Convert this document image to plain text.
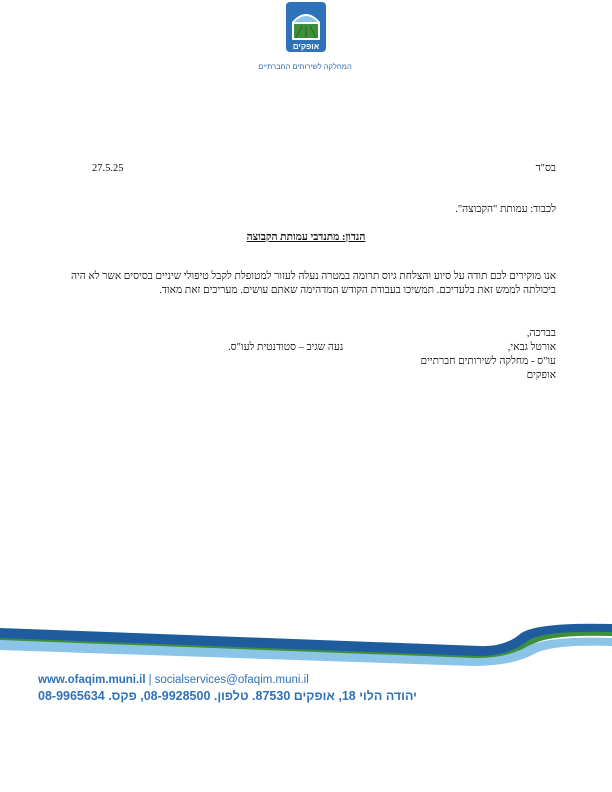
אופקים
המחלקה לשירותים החברתיים
בס"ד
27.5.25
לכבוד: עמותת "הקבוצה".
הנדון: מתנדבי עמותת הקבוצה
אנו מוקירים לכם תודה על סיוע והצלחת גיוס תרומה במטרה נעלה לעזור למטופלת לקבל טיפולי שיניים בסיסים אשר לא היה ביכולתה לממש זאת בלעדיכם. תמשיכו בעבודת הקודש המדהימה שאתם עושים. מעריכים זאת מאוד.
בברכה,
אורטל גבאי,
עו"ס - מחלקה לשירותים חברתיים
אופקים
נעה שגיב – סטודנטית לעו"ס.
www.ofaqim.muni.il | socialservices@ofaqim.muni.il
יהודה הלוי 18, אופקים 87530. טלפון. 08-9928500, פקס. 08-9965634
